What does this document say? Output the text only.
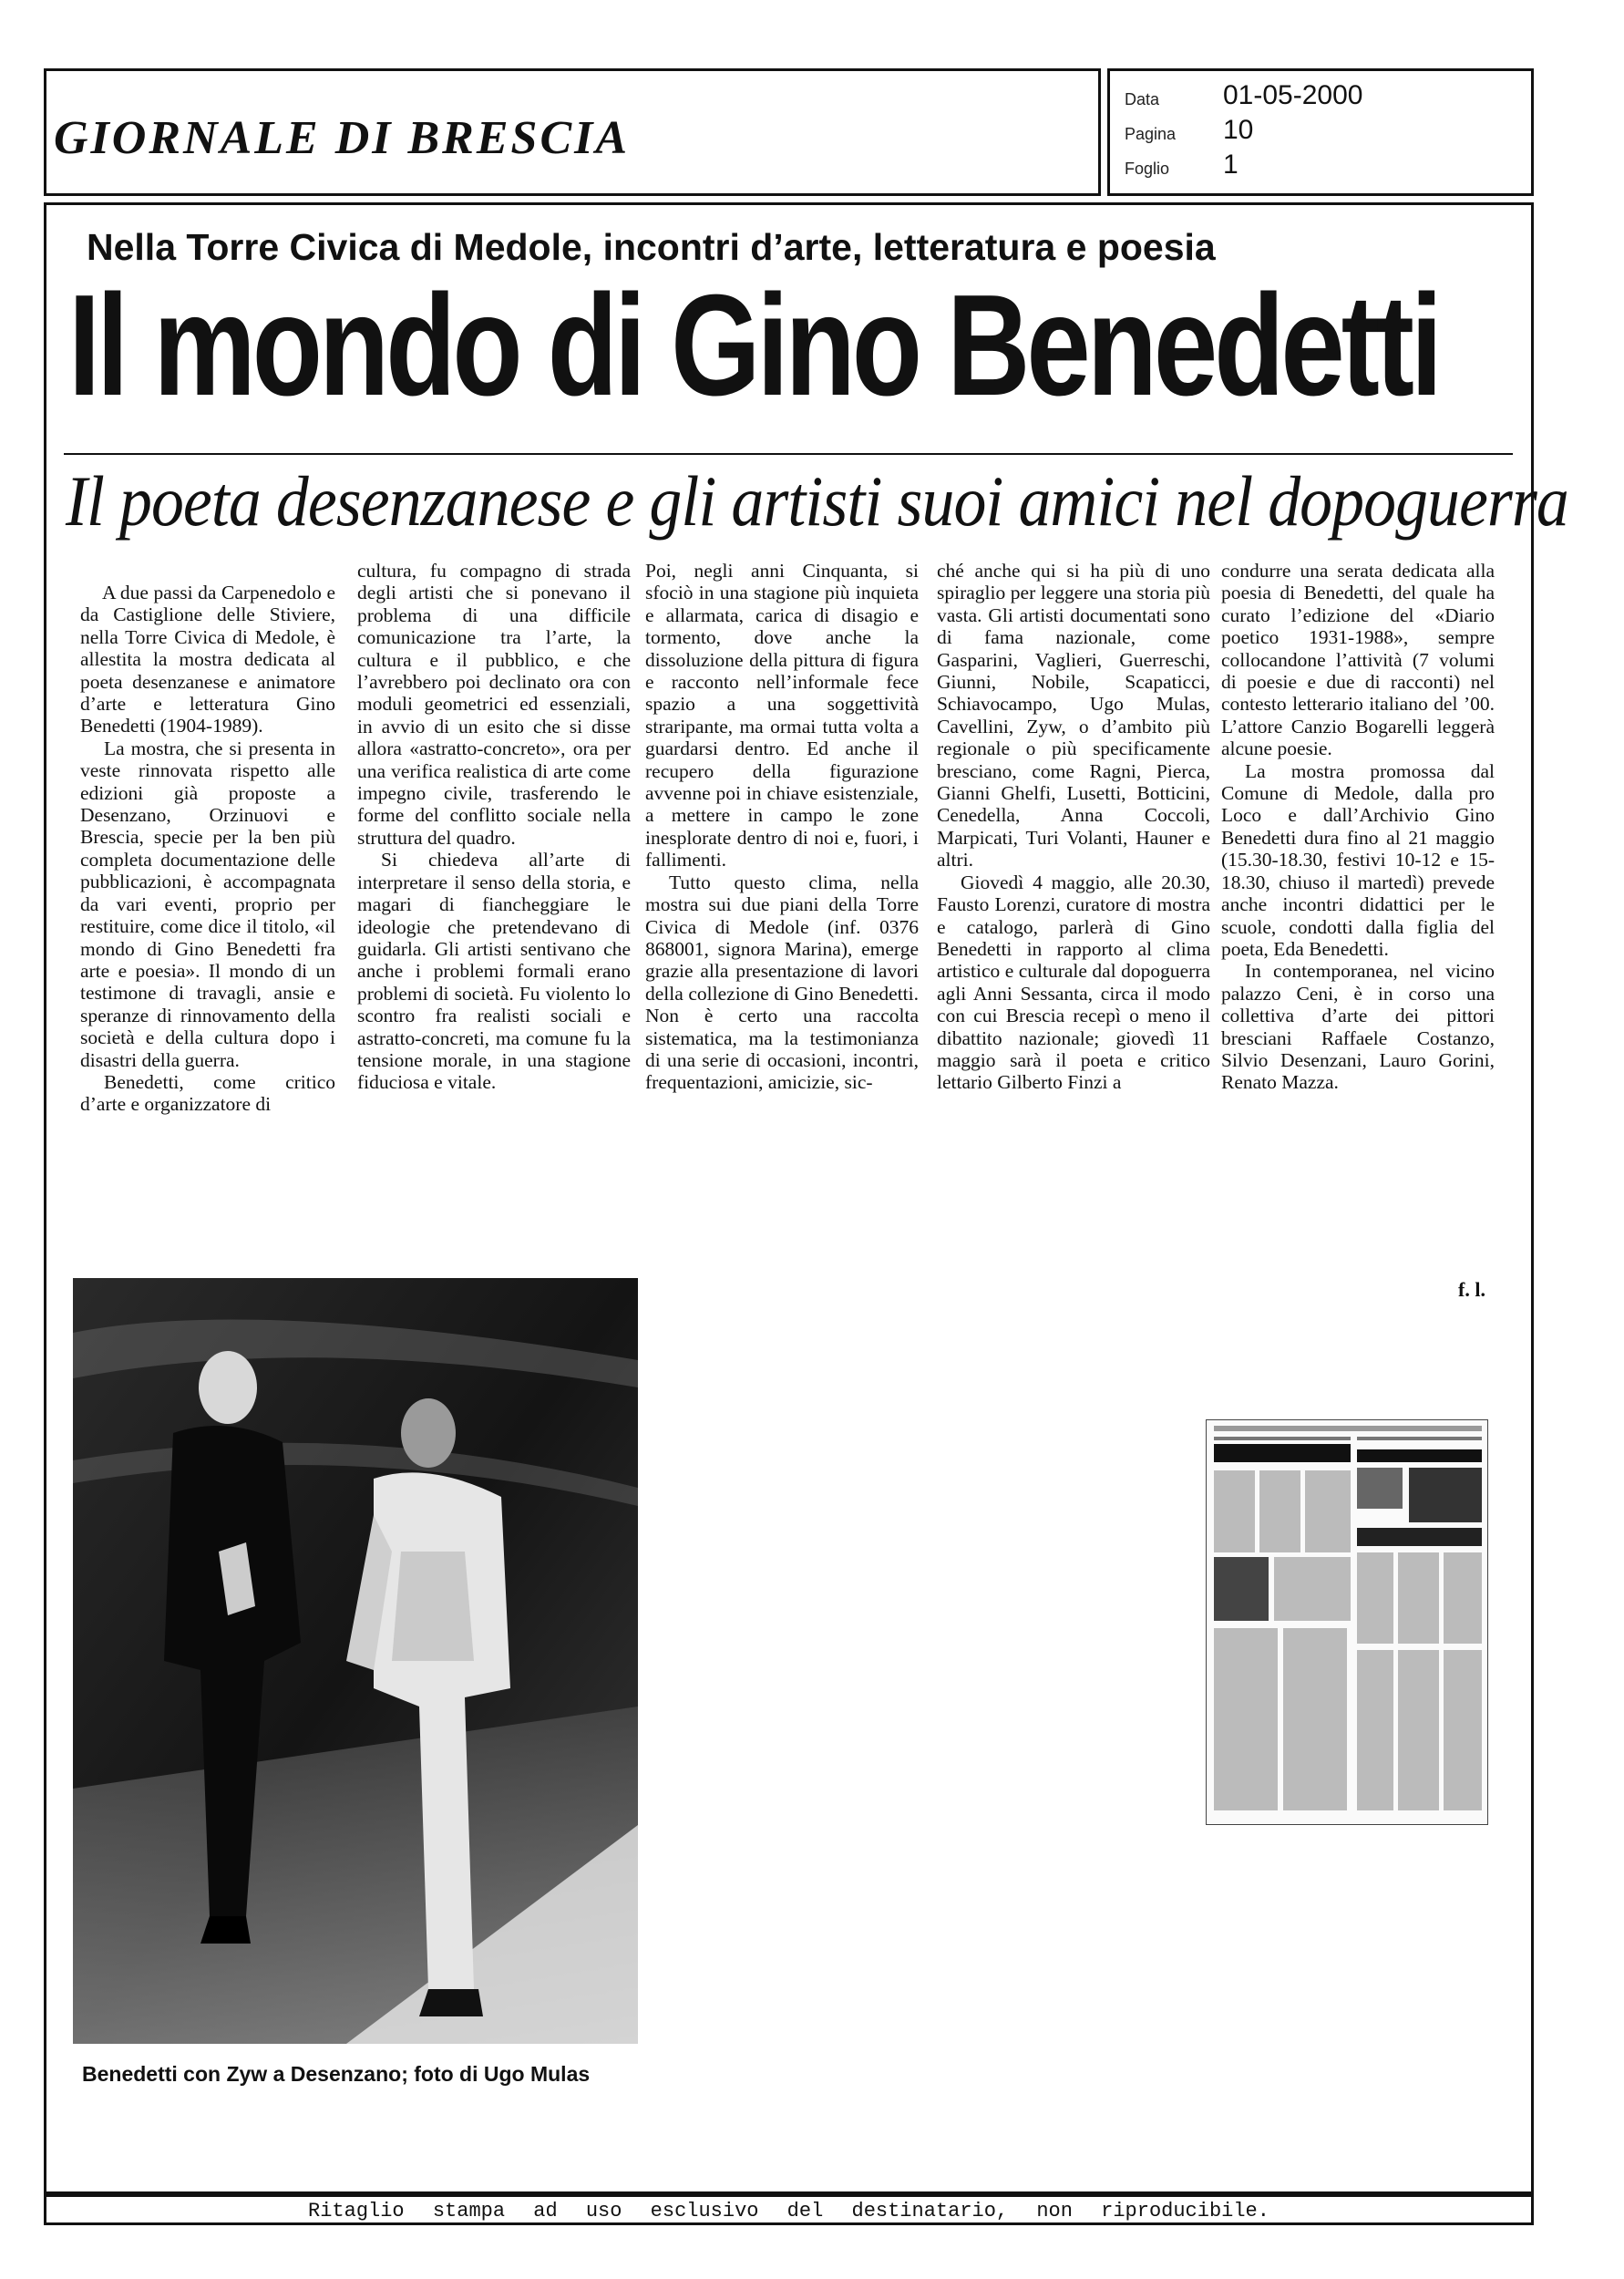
GIORNALE DI BRESCIA
Data 01-05-2000
Pagina 10
Foglio 1
Ritaglio stampa ad uso esclusivo del destinatario, non riproducibile.
Nella Torre Civica di Medole, incontri d’arte, letteratura e poesia
Il mondo di Gino Benedetti
Il poeta desenzanese e gli artisti suoi amici nel dopoguerra

A due passi da Carpenedolo e da Castiglione delle Stiviere, nella Torre Civica di Medole, è allestita la mostra dedicata al poeta desenzanese e animatore d’arte e letteratura Gino Benedetti (1904-1989).

La mostra, che si presenta in veste rinnovata rispetto alle edizioni già proposte a Desenzano, Orzinuovi e Brescia, specie per la ben più completa documentazione delle pubblicazioni, è accompagnata da vari eventi, proprio per restituire, come dice il titolo, «il mondo di Gino Benedetti fra arte e poesia». Il mondo di un testimone di travagli, ansie e speranze di rinnovamento della società e della cultura dopo i disastri della guerra.

Benedetti, come critico d’arte e organizzatore di

cultura, fu compagno di strada degli artisti che si ponevano il problema di una difficile comunicazione tra l’arte, la cultura e il pubblico, e che l’avrebbero poi declinato ora con moduli geometrici ed essenziali, in avvio di un esito che si disse allora «astratto-concreto», ora per una verifica realistica di arte come impegno civile, trasferendo le forme del conflitto sociale nella struttura del quadro.

Si chiedeva all’arte di interpretare il senso della storia, e magari di fiancheggiare le ideologie che pretendevano di guidarla. Gli artisti sentivano che anche i problemi formali erano problemi di società. Fu violento lo scontro fra realisti sociali e astratto-concreti, ma comune fu la tensione morale, in una stagione fiduciosa e vitale.

Poi, negli anni Cinquanta, si sfociò in una stagione più inquieta e allarmata, carica di disagio e tormento, dove anche la dissoluzione della pittura di figura e racconto nell’informale fece spazio a una soggettività straripante, ma ormai tutta volta a guardarsi dentro. Ed anche il recupero della figurazione avvenne poi in chiave esistenziale, a mettere in campo le zone inesplorate dentro di noi e, fuori, i fallimenti.

Tutto questo clima, nella mostra sui due piani della Torre Civica di Medole (inf. 0376 868001, signora Marina), emerge grazie alla presentazione di lavori della collezione di Gino Benedetti. Non è certo una raccolta sistematica, ma la testimonianza di una serie di occasioni, incontri, frequentazioni, amicizie, sic-

ché anche qui si ha più di uno spiraglio per leggere una storia più vasta. Gli artisti documentati sono di fama nazionale, come Gasparini, Vaglieri, Guerreschi, Giunni, Nobile, Scapaticci, Schiavocampo, Ugo Mulas, Cavellini, Zyw, o d’ambito più regionale o più specificamente bresciano, come Ragni, Pierca, Gianni Ghelfi, Lusetti, Botticini, Cenedella, Anna Coccoli, Marpicati, Turi Volanti, Hauner e altri.

Giovedì 4 maggio, alle 20.30, Fausto Lorenzi, curatore di mostra e catalogo, parlerà di Gino Benedetti in rapporto al clima artistico e culturale dal dopoguerra agli Anni Sessanta, circa il modo con cui Brescia recepì o meno il dibattito nazionale; giovedì 11 maggio sarà il poeta e critico lettario Gilberto Finzi a

condurre una serata dedicata alla poesia di Benedetti, del quale ha curato l’edizione del «Diario poetico 1931-1988», sempre collocandone l’attività (7 volumi di poesie e due di racconti) nel contesto letterario italiano del ’00. L’attore Canzio Bogarelli leggerà alcune poesie.

La mostra promossa dal Comune di Medole, dalla pro Loco e dall’Archivio Gino Benedetti dura fino al 21 maggio (15.30-18.30, festivi 10-12 e 15-18.30, chiuso il martedì) prevede anche incontri didattici per le scuole, condotti dalla figlia del poeta, Eda Benedetti.

In contemporanea, nel vicino palazzo Ceni, è in corso una collettiva d’arte dei pittori bresciani Raffaele Costanzo, Silvio Desenzani, Lauro Gorini, Renato Mazza.

f. l.
Benedetti con Zyw a Desenzano; foto di Ugo Mulas
